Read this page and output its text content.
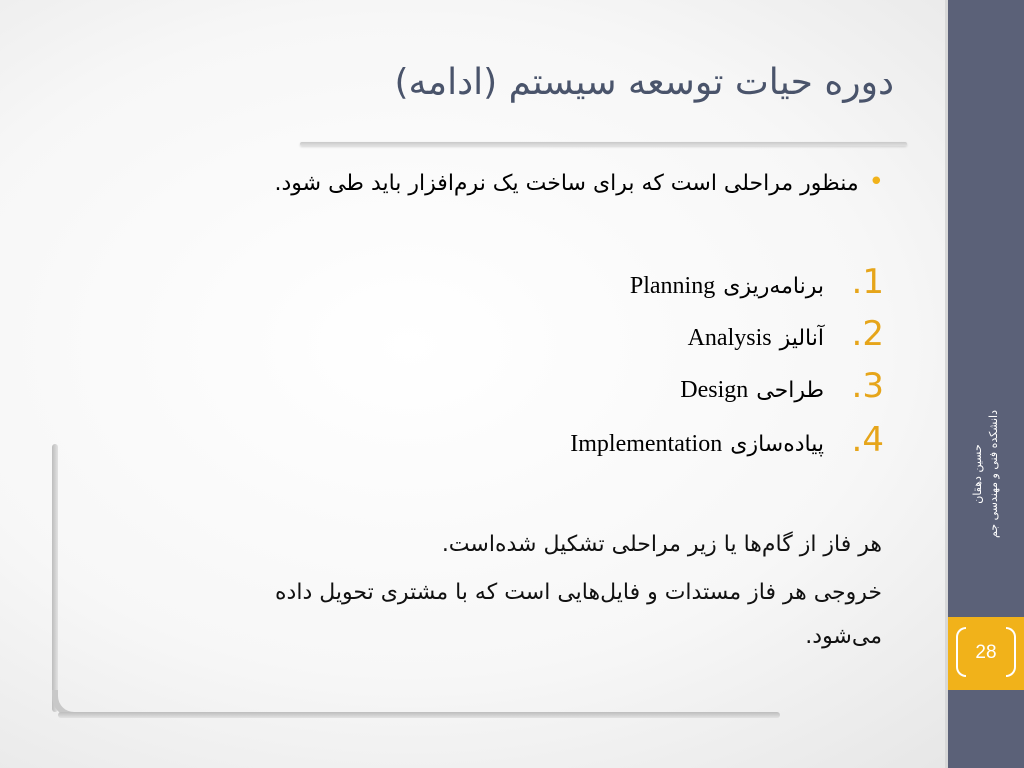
دوره حیات توسعه سیستم (ادامه)
•منظور مراحلی است که برای ساخت یک نرم‌افزار باید طی شود.
1.برنامه‌ریزیPlanning
2.آنالیزAnalysis
3.طراحیDesign
4.پیاده‌سازیImplementation
هر فاز از گام‌ها یا زیر مراحلی تشکیل شده‌است.
خروجی هر فاز مستدات و فایل‌هایی است که با مشتری تحویل داده
می‌شود.
حسین دهقان دانشکده فنی و مهندسی جم
28
